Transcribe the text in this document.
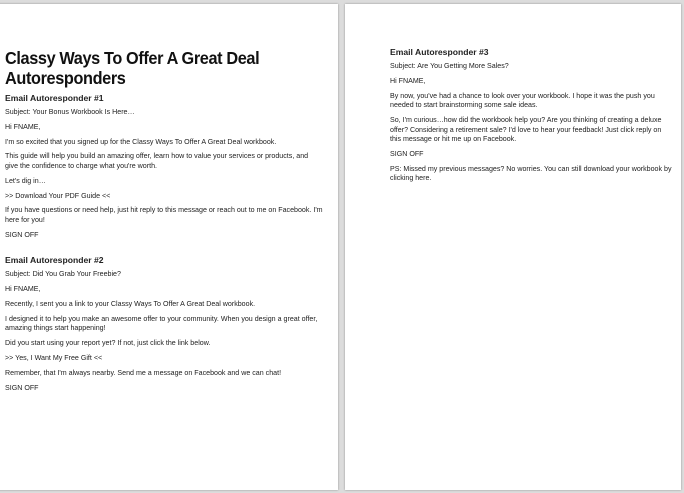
Classy Ways To Offer A Great Deal Autoresponders
Email Autoresponder #1
Subject: Your Bonus Workbook Is Here…
Hi FNAME,
I'm so excited that you signed up for the Classy Ways To Offer A Great Deal workbook.
This guide will help you build an amazing offer, learn how to value your services or products, and give the confidence to charge what you're worth.
Let's dig in…
>> Download Your PDF Guide <<
If you have questions or need help, just hit reply to this message or reach out to me on Facebook. I'm here for you!
SIGN OFF
Email Autoresponder #2
Subject: Did You Grab Your Freebie?
Hi FNAME,
Recently, I sent you a link to your Classy Ways To Offer A Great Deal workbook.
I designed it to help you make an awesome offer to your community. When you design a great offer, amazing things start happening!
Did you start using your report yet? If not, just click the link below.
>> Yes, I Want My Free Gift <<
Remember, that I'm always nearby. Send me a message on Facebook and we can chat!
SIGN OFF
Email Autoresponder #3
Subject: Are You Getting More Sales?
Hi FNAME,
By now, you've had a chance to look over your workbook. I hope it was the push you needed to start brainstorming some sale ideas.
So, I'm curious…how did the workbook help you? Are you thinking of creating a deluxe offer? Considering a retirement sale? I'd love to hear your feedback! Just click reply on this message or hit me up on Facebook.
SIGN OFF
PS: Missed my previous messages? No worries. You can still download your workbook by clicking here.
